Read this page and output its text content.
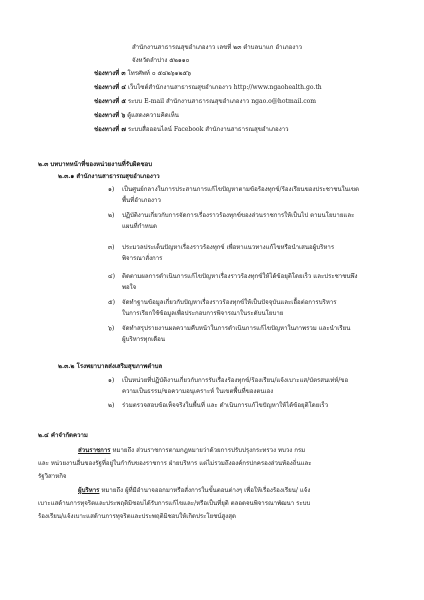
สำนักงานสาธารณสุขอำเภองาว เลขที่ ๒๓ ตำบลนาแก อำเภองาว
จังหวัดลำปาง ๕๒๑๑๐
ช่องทางที่ ๓ โทรศัพท์ ๐ ๕๔๒๖๑๒๕๖
ช่องทางที่ ๔ เว็บไซต์สำนักงานสาธารณสุขอำเภองาว http://www.ngaohealth.go.th
ช่องทางที่ ๕ ระบบ E-mail สำนักงานสาธารณสุขอำเภองาว ngao.o@hotmail.com
ช่องทางที่ ๖ ตู้แสดงความคิดเห็น
ช่องทางที่ ๗ ระบบสื่อออนไลน์ Facebook สำนักงานสาธารณสุขอำเภองาว
๒.๓ บทบาทหน้าที่ของหน่วยงานที่รับผิดชอบ
๒.๓.๑ สำนักงานสาธารณสุขอำเภองาว
๑) เป็นศูนย์กลางในการประสานการแก้ไขปัญหาตามข้อร้องทุกข์/ร้องเรียนของประชาชนในเขต
พื้นที่อำเภองาว
๒) ปฏิบัติงานเกี่ยวกับการจัดการเรื่องราวร้องทุกข์ของส่วนราชการให้เป็นไป ตามนโยบายและ
แผนที่กำหนด
๓) ประมวลประเด็นปัญหาเรื่องราวร้องทุกข์ เพื่อหาแนวทางแก้ไขหรือนำเสนอผู้บริหาร
พิจารณาสั่งการ
๔) ติดตามผลการดำเนินการแก้ไขปัญหาเรื่องราวร้องทุกข์ให้ได้ข้อยุติโดยเร็ว และประชาชนพึง
พอใจ
๕) จัดทำฐานข้อมูลเกี่ยวกับปัญหาเรื่องราวร้องทุกข์ให้เป็นปัจจุบันและเอื้อต่อการบริหาร
ในการเรียกใช้ข้อมูลเพื่อประกอบการพิจารณาในระดับนโยบาย
๖) จัดทำสรุปรายงานผลความคืบหน้าในการดำเนินการแก้ไขปัญหาในภาพรวม และนำเรียน
ผู้บริหารทุกเดือน
๒.๓.๒ โรงพยาบาลส่งเสริมสุขภาพตำบล
๑) เป็นหน่วยที่ปฏิบัติงานเกี่ยวกับการรับเรื่องร้องทุกข์/ร้องเรียน/แจ้งเบาะแส/บัตรสนเท่ห์/ขอ
ความเป็นธรรม/ขอความอนุเคราะห์ ในเขตพื้นที่ของตนเอง
๒) ร่วมตรวจสอบข้อเท็จจริงในพื้นที่ และ ดำเนินการแก้ไขปัญหาให้ได้ข้อยุติโดยเร็ว
๒.๔ คำจำกัดความ
ส่วนราชการ หมายถึง ส่วนราชการตามกฎหมายว่าด้วยการปรับปรุงกระทรวง ทบวง กรม
และ หน่วยงานอื่นของรัฐที่อยู่ในกำกับของราชการ ฝ่ายบริหาร แต่ไม่รวมถึงองค์กรปกครองส่วนท้องถิ่นและ
รัฐวิสาหกิจ
ผู้บริหาร หมายถึง ผู้ที่มีอำนาจออกมาหรือสั่งการในขั้นตอนต่างๆ เพื่อให้เรื่องร้องเรียน/ แจ้ง
เบาะแสด้านการทุจริตและประพฤติมิชอบได้รับการแก้ไขและ/หรือเป็นที่ยุติ ตลอดจนพิจารณาพัฒนา ระบบ
ร้องเรียน/แจ้งเบาะแสด้านการทุจริตและประพฤติมิชอบให้เกิดประโยชน์สูงสุด
